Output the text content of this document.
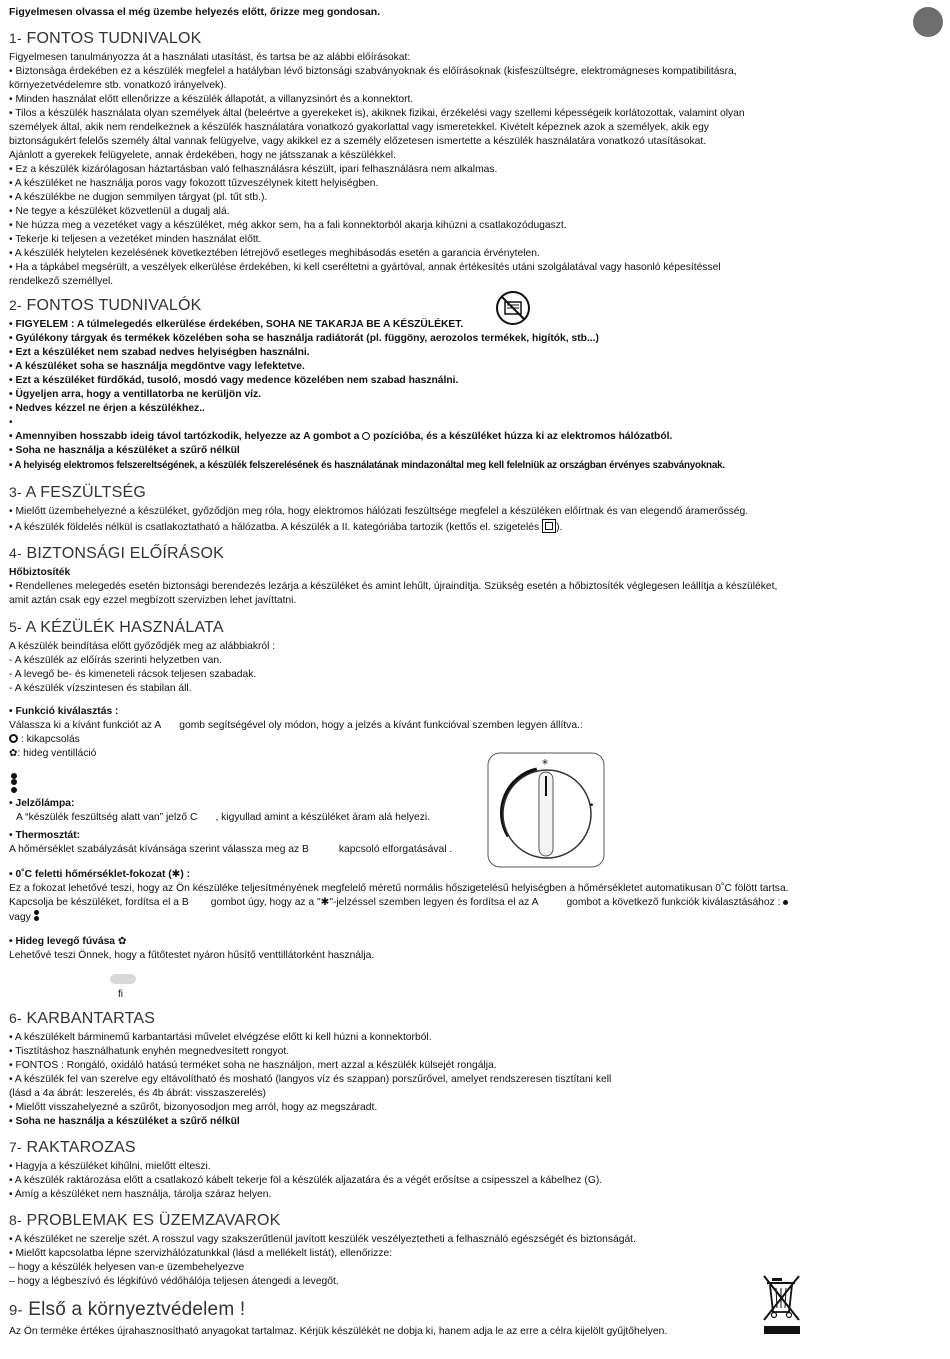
Figyelmesen olvassa el még üzembe helyezés előtt, őrizze meg gondosan.
1- FONTOS TUDNIVALOK
Figyelmesen tanulmányozza át a használati utasítást, és tartsa be az alábbi előírásokat:
• Biztonsága érdekében ez a készülék megfelel a hatályban lévő biztonsági szabványoknak és előírásoknak (kisfeszültségre, elektromágneses kompatibilitásra,
környezetvédelemre stb. vonatkozó irányelvek).
• Minden használat előtt ellenőrizze a készülék állapotát, a villanyzsinórt és a konnektort.
• Tilos a készülék használata olyan személyek által (beleértve a gyerekeket is), akiknek fizikai, érzékelési vagy szellemi képességeik korlátozottak, valamint olyan
személyek által, akik nem rendelkeznek a készülék használatára vonatkozó gyakorlattal vagy ismeretekkel. Kivételt képeznek azok a személyek, akik egy
biztonságukért felelős személy által vannak felügyelve, vagy akikkel ez a személy előzetesen ismertette a készülék használatára vonatkozó utasításokat.
Ajánlott a gyerekek felügyelete, annak érdekében, hogy ne játsszanak a készülékkel.
• Ez a készülék kizárólagosan háztartásban való felhasználásra készült, ipari felhasználásra nem alkalmas.
• A készüléket ne használja poros vagy fokozott tűzveszélynek kitett helyiségben.
• A készülékbe ne dugjon semmilyen tárgyat (pl. tűt stb.).
• Ne tegye a készüléket közvetlenül a dugalj alá.
• Ne húzza meg a vezetéket vagy a készüléket, még akkor sem, ha a fali konnektorból akarja kihúzni a csatlakozódugaszt.
• Tekerje ki teljesen a vezetéket minden használat előtt.
• A készülék helytelen kezelésének következtében létrejövő esetleges meghibásodás esetén a garancia érvénytelen.
• Ha a tápkábel megsérült, a veszélyek elkerülése érdekében, ki kell cseréltetni a gyártóval, annak értékesítés utáni szolgálatával vagy hasonló képesítéssel
rendelkező személlyel.
2- FONTOS TUDNIVALÓK
• FIGYELEM : A túlmelegedés elkerülése érdekében, SOHA NE TAKARJA BE A KÉSZÜLÉKET.
• Gyúlékony tárgyak és termékek közelében soha se használja radiátorát (pl. függöny, aerozolos termékek, higítók, stb...)
• Ezt a készüléket nem szabad nedves helyiségben használni.
• A készüléket soha se használja megdöntve vagy lefektetve.
• Ezt a készüléket fürdőkád, tusoló, mosdó vagy medence közelében nem szabad használni.
• Ügyeljen arra, hogy a ventillatorba ne kerüljön víz.
• Nedves kézzel ne érjen a készülékhez..
•
• Amennyiben hosszabb ideig távol tartózkodik, helyezze az A gombot a pozícióba, és a készüléket húzza ki az elektromos hálózatból.
• Soha ne használja a készüléket a szűrő nélkül
• A helyiség elektromos felszereltségének, a készülék felszerelésének és használatának mindazonáltal meg kell felelniük az országban érvényes szabványoknak.
3- A FESZÜLTSÉG
• Mielőtt üzembehelyezné a készüléket, győződjön meg róla, hogy elektromos hálózati feszültsége megfelel a készüléken előírtnak és van elegendő áramerősség.
• A készülék földelés nélkül is csatlakoztatható a hálózatba. A készülék a II. kategóriába tartozik (kettős el. szigetelés ).
4- BIZTONSÁGI ELŐÍRÁSOK
Hőbiztosíték
• Rendellenes melegedés esetén biztonsági berendezés lezárja a készüléket és amint lehűlt, újraindítja. Szükség esetén a hőbiztosíték véglegesen leállítja a készüléket,
amit aztán csak egy ezzel megbízott szervizben lehet javíttatni.
5- A KÉZÜLÉK HASZNÁLATA
A készülék beindítása előtt győződjék meg az alábbiakról :
- A készülék az előírás szerinti helyzetben van.
- A levegő be- és kimeneteli rácsok teljesen szabadak.
- A készülék vízszintesen és stabilan áll.
• Funkció kiválasztás :
Válassza ki a kívánt funkciót az A gomb segítségével oly módon, hogy a jelzés a kívánt funkcióval szemben legyen állítva.:
: kikapcsolás
✿: hideg ventilláció
• Jelzőlámpa:
A “készülék feszültség alatt van” jelző C , kigyullad amint a készüléket áram alá helyezi.
• Thermosztát:
A hőmérséklet szabályzását kívánsága szerint válassza meg az B	kapcsoló elforgatásával .
*
•
• 0˚C feletti hőmérséklet-fokozat (✱) :
Ez a fokozat lehetővé teszi, hogy az Ön készüléke teljesítményének megfelelő méretű normális hőszigetelésű helyiségben a hőmérsékletet automatikusan 0˚C fölött tartsa.
Kapcsolja be készüléket, fordítsa el a B gombot úgy, hogy az a "✱"-jelzéssel szemben legyen és fordítsa el az A	gombot a következő funkciók kiválasztásához :
vagy
• Hideg levegő fúvása ✿
Lehetővé teszi Önnek, hogy a fűtőtestet nyáron hűsítő venttillátorként használja.
fi
6- KARBANTARTAS
• A készülékelt bárminemű karbantartási művelet elvégzése előtt ki kell húzni a konnektorból.
• Tisztításhoz használhatunk enyhén megnedvesített rongyot.
• FONTOS : Rongáló, oxidáló hatású terméket soha ne használjon, mert azzal a készülék külsejét rongálja.
• A készülék fel van szerelve egy eltávolítható és mosható (langyos víz és szappan) porszűrővel, amelyet rendszeresen tisztítani kell
(lásd a 4a ábrát: leszerelés, és 4b ábrát: visszaszerelés)
• Mielőtt visszahelyezné a szűrőt, bizonyosodjon meg arról, hogy az megszáradt.
• Soha ne használja a készüléket a szűrő nélkül
7- RAKTAROZAS
• Hagyja a készüléket kihűlni, mielőtt elteszi.
• A készülék raktározása előtt a csatlakozó kábelt tekerje föl a készülék aljazatára és a végét erősítse a csipesszel a kábelhez (G).
• Amíg a készüléket nem használja, tárolja száraz helyen.
8- PROBLEMAK ES ÜZEMZAVAROK
• A készüléket ne szerelje szét. A rosszul vagy szakszerűtlenül javított keszülék veszélyeztetheti a felhasználó egészségét és biztonságát.
• Mielőtt kapcsolatba lépne szervizhálózatunkkal (lásd a mellékelt listát), ellenőrizze:
– hogy a készülék helyesen van-e üzembehelyezve
– hogy a légbeszívó és légkifúvó védőhálója teljesen átengedi a levegőt.
9- Első a környeztvédelem !
Az Ön terméke értékes újrahasznosítható anyagokat tartalmaz. Kérjük készülékét ne dobja ki, hanem adja le az erre a célra kijelölt gyűjtőhelyen.
